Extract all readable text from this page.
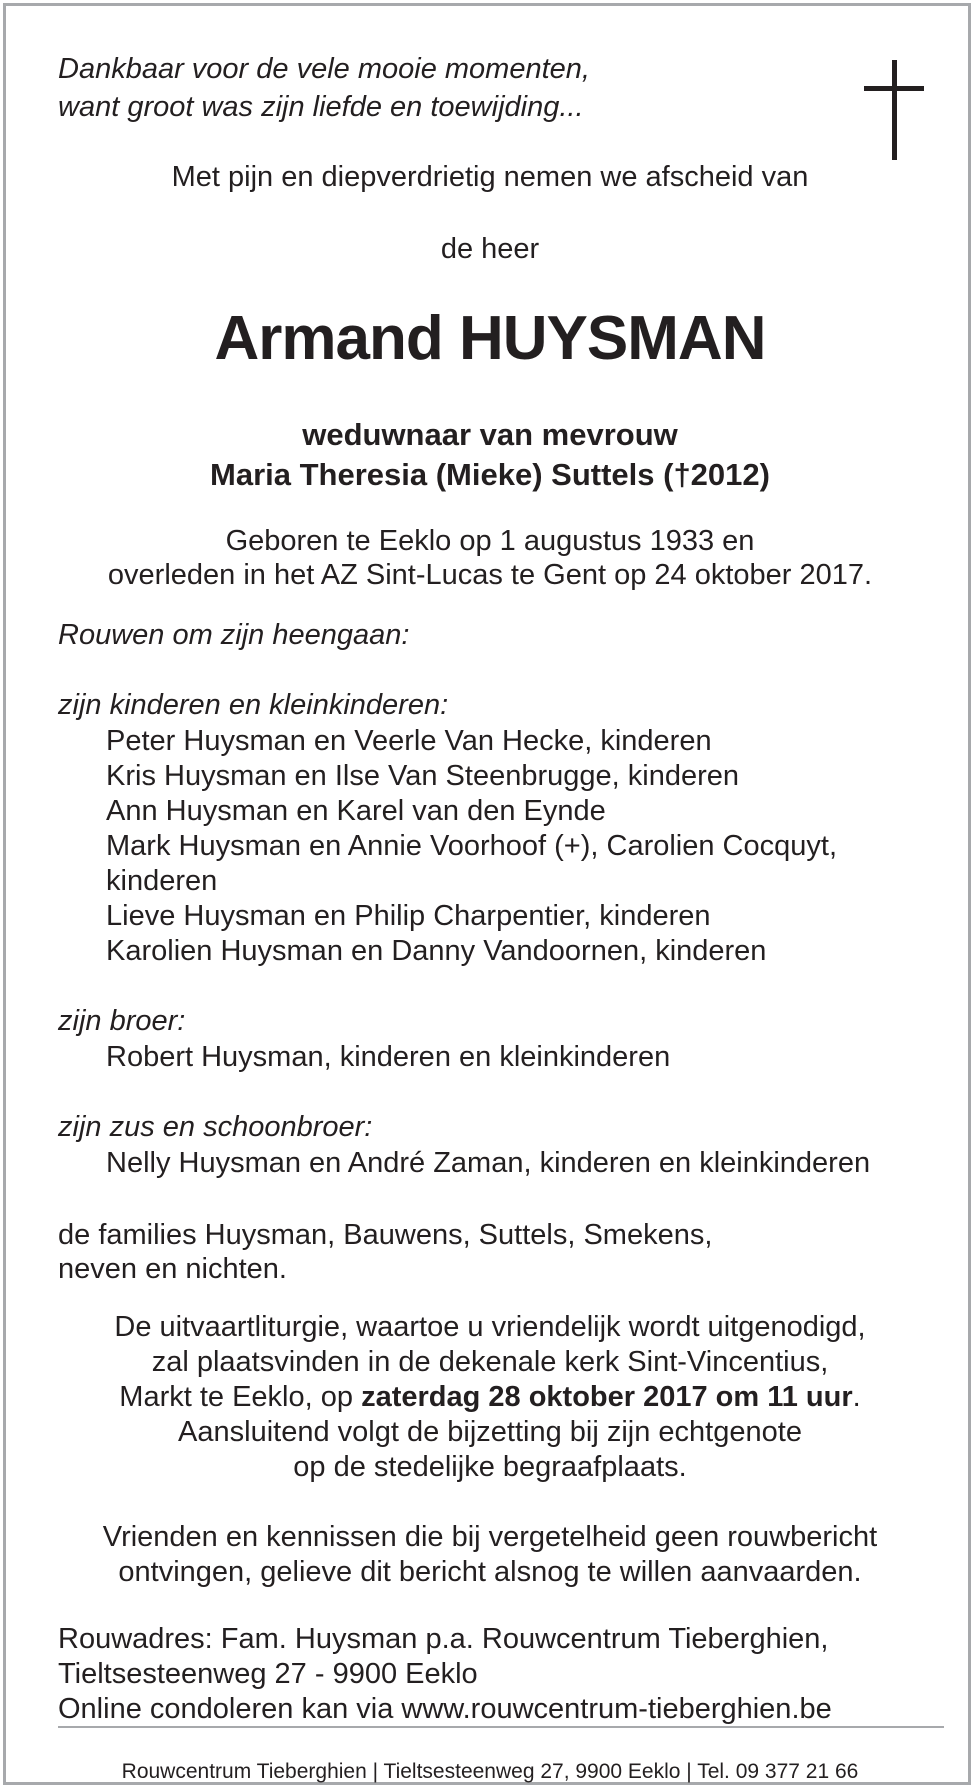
Dankbaar voor de vele mooie momenten,

want groot was zijn liefde en toewijding...

Met pijn en diepverdrietig nemen we afscheid van

de heer

Armand HUYSMAN

weduwnaar van mevrouw

Maria Theresia (Mieke) Suttels (†2012)

Geboren te Eeklo op 1 augustus 1933 en

overleden in het AZ Sint-Lucas te Gent op 24 oktober 2017.

Rouwen om zijn heengaan:

zijn kinderen en kleinkinderen:

Peter Huysman en Veerle Van Hecke, kinderen

Kris Huysman en Ilse Van Steenbrugge, kinderen

Ann Huysman en Karel van den Eynde

Mark Huysman en Annie Voorhoof (+), Carolien Cocquyt,

kinderen

Lieve Huysman en Philip Charpentier, kinderen

Karolien Huysman en Danny Vandoornen, kinderen

zijn broer:

Robert Huysman, kinderen en kleinkinderen

zijn zus en schoonbroer:

Nelly Huysman en André Zaman, kinderen en kleinkinderen

de families Huysman, Bauwens, Suttels, Smekens,

neven en nichten.

De uitvaartliturgie, waartoe u vriendelijk wordt uitgenodigd,

zal plaatsvinden in de dekenale kerk Sint-Vincentius,

Markt te Eeklo, op zaterdag 28 oktober 2017 om 11 uur.

Aansluitend volgt de bijzetting bij zijn echtgenote

op de stedelijke begraafplaats.

Vrienden en kennissen die bij vergetelheid geen rouwbericht

ontvingen, gelieve dit bericht alsnog te willen aanvaarden.

Rouwadres: Fam. Huysman p.a. Rouwcentrum Tieberghien,

Tieltsesteenweg 27 - 9900 Eeklo

Online condoleren kan via www.rouwcentrum-tieberghien.be

Rouwcentrum Tieberghien | Tieltsesteenweg 27, 9900 Eeklo | Tel. 09 377 21 66
